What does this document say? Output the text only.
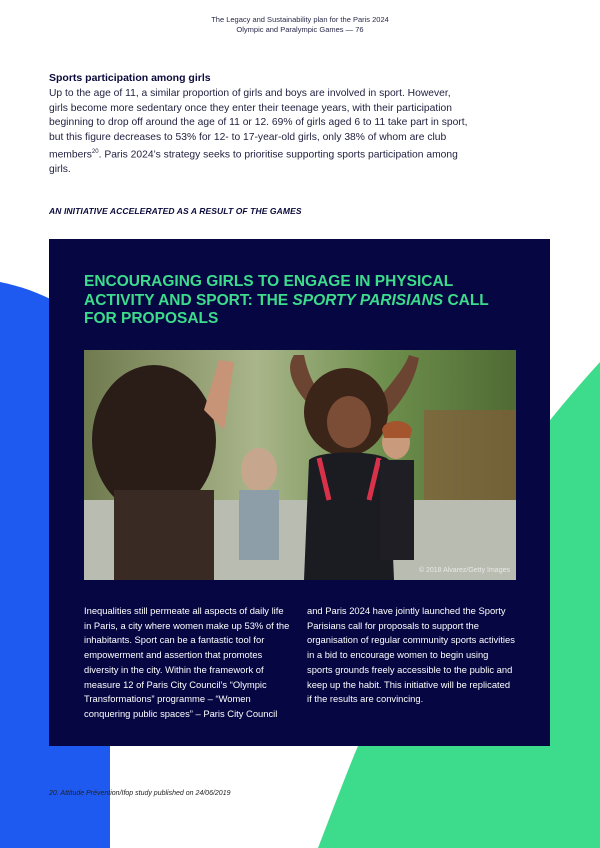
The Legacy and Sustainability plan for the Paris 2024
Olympic and Paralympic Games — 76
Sports participation among girls

Up to the age of 11, a similar proportion of girls and boys are involved in sport. However, girls become more sedentary once they enter their teenage years, with their participation beginning to drop off around the age of 11 or 12. 69% of girls aged 6 to 11 take part in sport, but this figure decreases to 53% for 12- to 17-year-old girls, only 38% of whom are club members$^{20}$. Paris 2024’s strategy seeks to prioritise supporting sports participation among girls.

AN INITIATIVE ACCELERATED AS A RESULT OF THE GAMES
ENCOURAGING GIRLS TO ENGAGE IN PHYSICAL ACTIVITY AND SPORT: THE SPORTY PARISIANS CALL FOR PROPOSALS
© 2018 Alvarez/Getty Images
Inequalities still permeate all aspects of daily life in Paris, a city where women make up 53% of the inhabitants. Sport can be a fantastic tool for empowerment and assertion that promotes diversity in the city. Within the framework of measure 12 of Paris City Council’s “Olympic Transformations” programme – “Women conquering public spaces” – Paris City Council
and Paris 2024 have jointly launched the Sporty Parisians call for proposals to support the organisation of regular community sports activities in a bid to encourage women to begin using sports grounds freely accessible to the public and keep up the habit. This initiative will be replicated if the results are convincing.
20. Attitude Prévention/Ifop study published on 24/06/2019
